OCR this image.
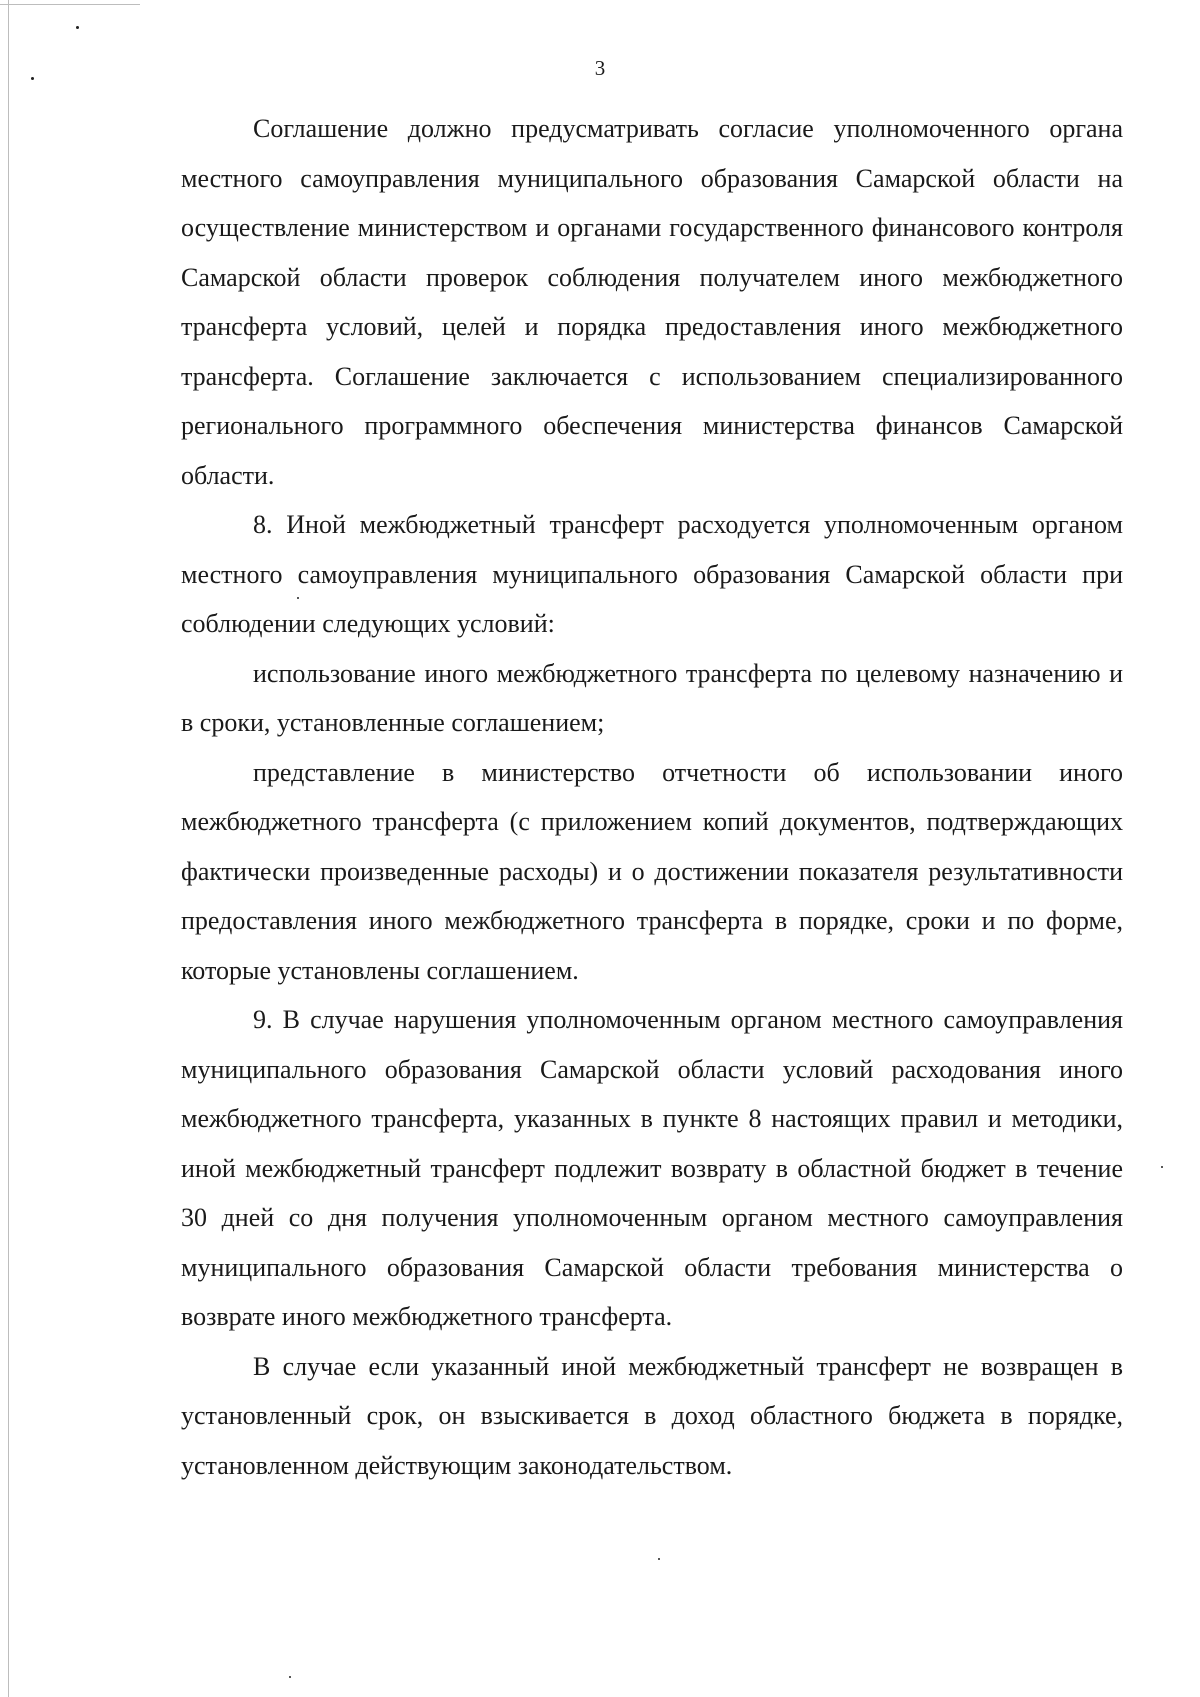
3

Соглашение должно предусматривать согласие уполномоченного органа местного самоуправления муниципального образования Самарской области на осуществление министерством и органами государственного финансового контроля Самарской области проверок соблюдения получателем иного межбюджетного трансферта условий, целей и порядка предоставления иного межбюджетного трансферта. Соглашение заключается с использованием специализированного регионального программного обеспечения министерства финансов Самарской области.

8. Иной межбюджетный трансферт расходуется уполномоченным органом местного самоуправления муниципального образования Самарской области при соблюдении следующих условий:

использование иного межбюджетного трансферта по целевому назначению и в сроки, установленные соглашением;

представление в министерство отчетности об использовании иного межбюджетного трансферта (с приложением копий документов, подтверждающих фактически произведенные расходы) и о достижении показателя результативности предоставления иного межбюджетного трансферта в порядке, сроки и по форме, которые установлены соглашением.

9. В случае нарушения уполномоченным органом местного самоуправления муниципального образования Самарской области условий расходования иного межбюджетного трансферта, указанных в пункте 8 настоящих правил и методики, иной межбюджетный трансферт подлежит возврату в областной бюджет в течение 30 дней со дня получения уполномоченным органом местного самоуправления муниципального образования Самарской области требования министерства о возврате иного межбюджетного трансферта.

В случае если указанный иной межбюджетный трансферт не возвращен в установленный срок, он взыскивается в доход областного бюджета в порядке, установленном действующим законодательством.
